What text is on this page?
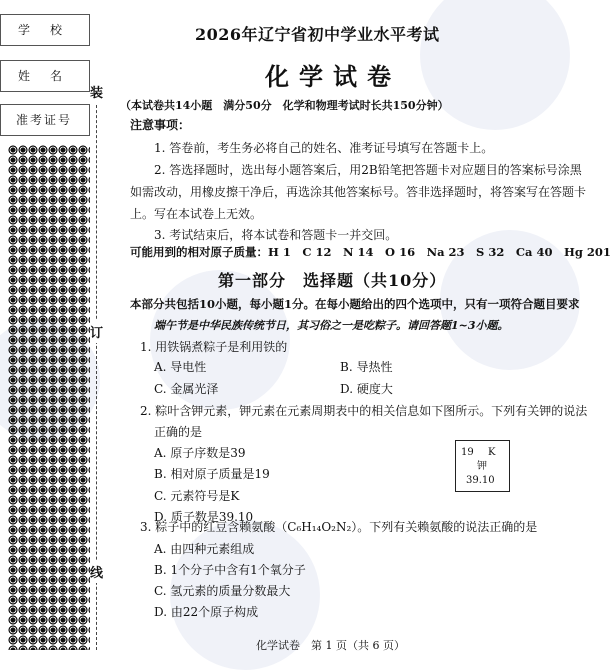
学　校
姓　名
准考证号
装
订
线
2026年辽宁省初中学业水平考试
化学试卷
（本试卷共14小题　满分50分　化学和物理考试时长共150分钟）
注意事项：
1. 答卷前，考生务必将自己的姓名、准考证号填写在答题卡上。
2. 答选择题时，选出每小题答案后，用2B铅笔把答题卡对应题目的答案标号涂黑
如需改动，用橡皮擦干净后，再选涂其他答案标号。答非选择题时，将答案写在答题卡
上。写在本试卷上无效。
3. 考试结束后，将本试卷和答题卡一并交回。
可能用到的相对原子质量：H 1　C 12　N 14　O 16　Na 23　S 32　Ca 40　Hg 201
第一部分　选择题（共10分）
本部分共包括10小题，每小题1分。在每小题给出的四个选项中，只有一项符合题目要求
端午节是中华民族传统节日，其习俗之一是吃粽子。请回答题1~3小题。
1. 用铁锅煮粽子是利用铁的
A. 导电性	B. 导热性
C. 金属光泽	D. 硬度大
2. 粽叶含钾元素，钾元素在元素周期表中的相关信息如下图所示。下列有关钾的说法
正确的是
A. 原子序数是39
B. 相对原子质量是19
C. 元素符号是K
D. 质子数是39.10
19 K
钾
39.10
3. 粽子中的红豆含赖氨酸（C₆H₁₄O₂N₂）。下列有关赖氨酸的说法正确的是
A. 由四种元素组成
B. 1个分子中含有1个氧分子
C. 氢元素的质量分数最大
D. 由22个原子构成
化学试卷　第 1 页（共 6 页）
